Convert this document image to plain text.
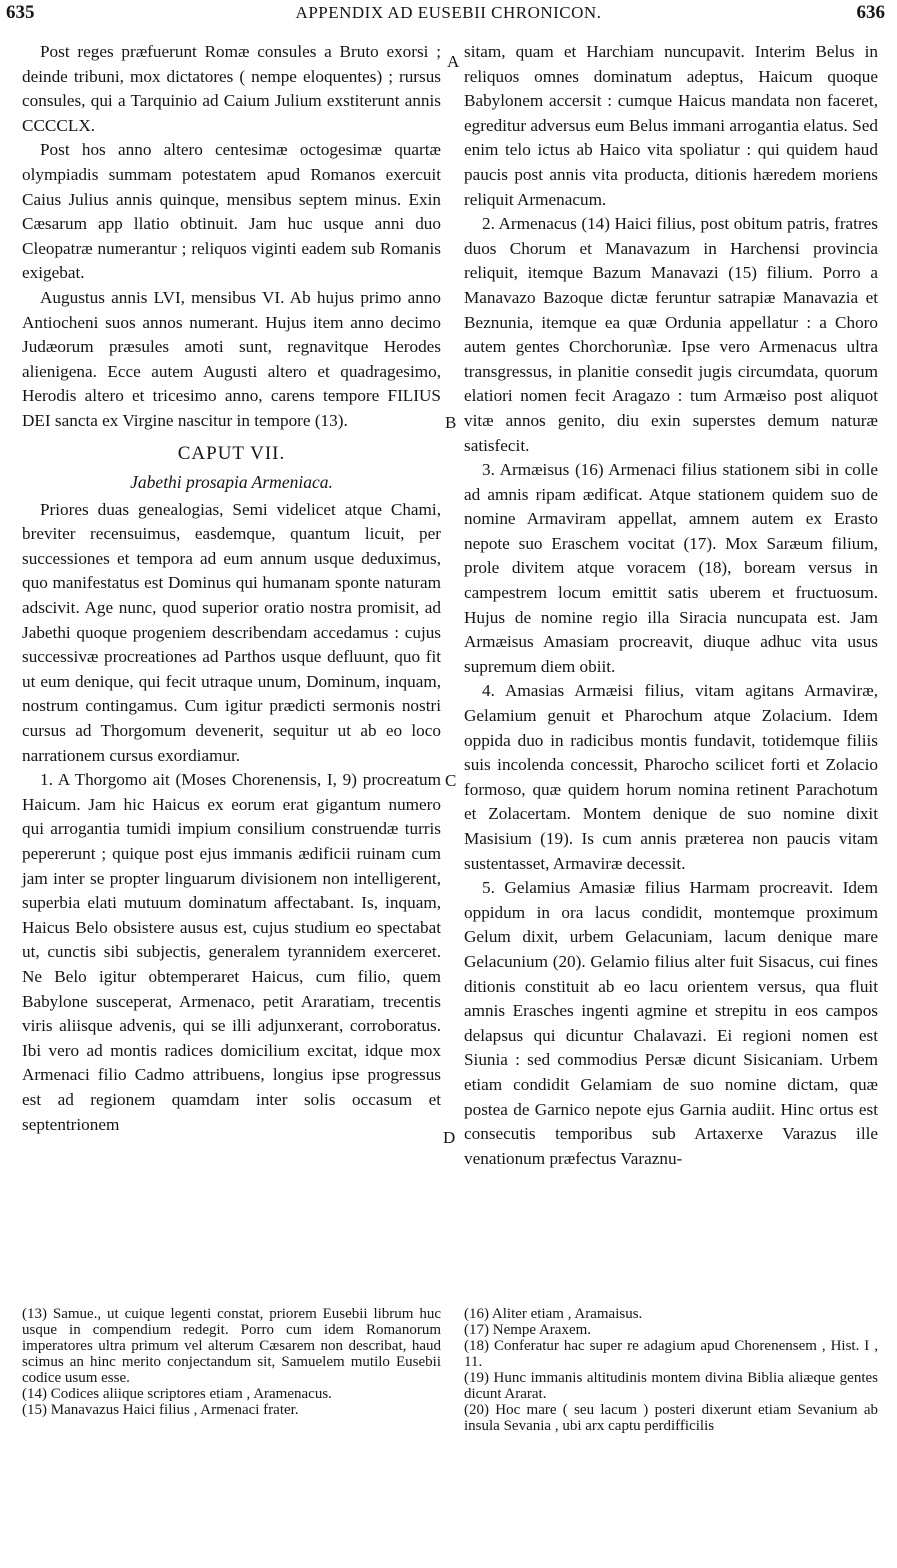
635	APPENDIX AD EUSEBII CHRONICON.	636
A
B
C
D

Post reges præfuerunt Romæ consules a Bruto exorsi ; deinde tribuni, mox dictatores ( nempe eloquentes) ; rursus consules, qui a Tarquinio ad Caium Julium exstiterunt annis CCCCLX.

Post hos anno altero centesimæ octogesimæ quartæ olympiadis summam potestatem apud Romanos exercuit Caius Julius annis quinque, mensibus septem minus. Exin Cæsarum app llatio obtinuit. Jam huc usque anni duo Cleopatræ numerantur ; reliquos viginti eadem sub Romanis exigebat.

Augustus annis LVI, mensibus VI. Ab hujus primo anno Antiocheni suos annos numerant. Hujus item anno decimo Judæorum præsules amoti sunt, regnavitque Herodes alienigena. Ecce autem Augusti altero et quadragesimo, Herodis altero et tricesimo anno, carens tempore FILIUS DEI sancta ex Virgine nascitur in tempore (13).

CAPUT VII.
Jabethi prosapia Armeniaca.

Priores duas genealogias, Semi videlicet atque Chami, breviter recensuimus, easdemque, quantum licuit, per successiones et tempora ad eum annum usque deduximus, quo manifestatus est Dominus qui humanam sponte naturam adscivit. Age nunc, quod superior oratio nostra promisit, ad Jabethi quoque progeniem describendam accedamus : cujus successivæ procreationes ad Parthos usque defluunt, quo fit ut eum denique, qui fecit utraque unum, Dominum, inquam, nostrum contingamus. Cum igitur prædicti sermonis nostri cursus ad Thorgomum devenerit, sequitur ut ab eo loco narrationem cursus exordiamur.

1. A Thorgomo ait (Moses Chorenensis, I, 9) procreatum Haicum. Jam hic Haicus ex eorum erat gigantum numero qui arrogantia tumidi impium consilium construendæ turris pepererunt ; quique post ejus immanis ædificii ruinam cum jam inter se propter linguarum divisionem non intelligerent, superbia elati mutuum dominatum affectabant. Is, inquam, Haicus Belo obsistere ausus est, cujus studium eo spectabat ut, cunctis sibi subjectis, generalem tyrannidem exerceret. Ne Belo igitur obtemperaret Haicus, cum filio, quem Babylone susceperat, Armenaco, petit Araratiam, trecentis viris aliisque advenis, qui se illi adjunxerant, corroboratus. Ibi vero ad montis radices domicilium excitat, idque mox Armenaci filio Cadmo attribuens, longius ipse progressus est ad regionem quamdam inter solis occasum et septentrionem

sitam, quam et Harchiam nuncupavit. Interim Belus in reliquos omnes dominatum adeptus, Haicum quoque Babylonem accersit : cumque Haicus mandata non faceret, egreditur adversus eum Belus immani arrogantia elatus. Sed enim telo ictus ab Haico vita spoliatur : qui quidem haud paucis post annis vita producta, ditionis hæredem moriens reliquit Armenacum.

2. Armenacus (14) Haici filius, post obitum patris, fratres duos Chorum et Manavazum in Harchensi provincia reliquit, itemque Bazum Manavazi (15) filium. Porro a Manavazo Bazoque dictæ feruntur satrapiæ Manavazia et Beznunia, itemque ea quæ Ordunia appellatur : a Choro autem gentes Chorchorunìæ. Ipse vero Armenacus ultra transgressus, in planitie consedit jugis circumdata, quorum elatiori nomen fecit Aragazo : tum Armæiso post aliquot vitæ annos genito, diu exin superstes demum naturæ satisfecit.

3. Armæisus (16) Armenaci filius stationem sibi in colle ad amnis ripam ædificat. Atque stationem quidem suo de nomine Armaviram appellat, amnem autem ex Erasto nepote suo Eraschem vocitat (17). Mox Saræum filium, prole divitem atque voracem (18), boream versus in campestrem locum emittit satis uberem et fructuosum. Hujus de nomine regio illa Siracia nuncupata est. Jam Armæisus Amasiam procreavit, diuque adhuc vita usus supremum diem obiit.

4. Amasias Armæisi filius, vitam agitans Armaviræ, Gelamium genuit et Pharochum atque Zolacium. Idem oppida duo in radicibus montis fundavit, totidemque filiis suis incolenda concessit, Pharocho scilicet forti et Zolacio formoso, quæ quidem horum nomina retinent Parachotum et Zolacertam. Montem denique de suo nomine dixit Masisium (19). Is cum annis præterea non paucis vitam sustentasset, Armaviræ decessit.

5. Gelamius Amasiæ filius Harmam procreavit. Idem oppidum in ora lacus condidit, montemque proximum Gelum dixit, urbem Gelacuniam, lacum denique mare Gelacunium (20). Gelamio filius alter fuit Sisacus, cui fines ditionis constituit ab eo lacu orientem versus, qua fluit amnis Erasches ingenti agmine et strepitu in eos campos delapsus qui dicuntur Chalavazi. Ei regioni nomen est Siunia : sed commodius Persæ dicunt Sisicaniam. Urbem etiam condidit Gelamiam de suo nomine dictam, quæ postea de Garnico nepote ejus Garnia audiit. Hinc ortus est consecutis temporibus sub Artaxerxe Varazus ille venationum præfectus Varaznu-

(13) Samue., ut cuique legenti constat, priorem Eusebii librum huc usque in compendium redegit. Porro cum idem Romanorum imperatores ultra primum vel alterum Cæsarem non describat, haud scimus an hinc merito conjectandum sit, Samuelem mutilo Eusebii codice usum esse.

(14) Codices aliique scriptores etiam , Aramenacus.

(15) Manavazus Haici filius , Armenaci frater.

(16) Aliter etiam , Aramaisus.

(17) Nempe Araxem.

(18) Conferatur hac super re adagium apud Chorenensem , Hist. I , 11.

(19) Hunc immanis altitudinis montem divina Biblia aliæque gentes dicunt Ararat.

(20) Hoc mare ( seu lacum ) posteri dixerunt etiam Sevanium ab insula Sevania , ubi arx captu perdifficilis
